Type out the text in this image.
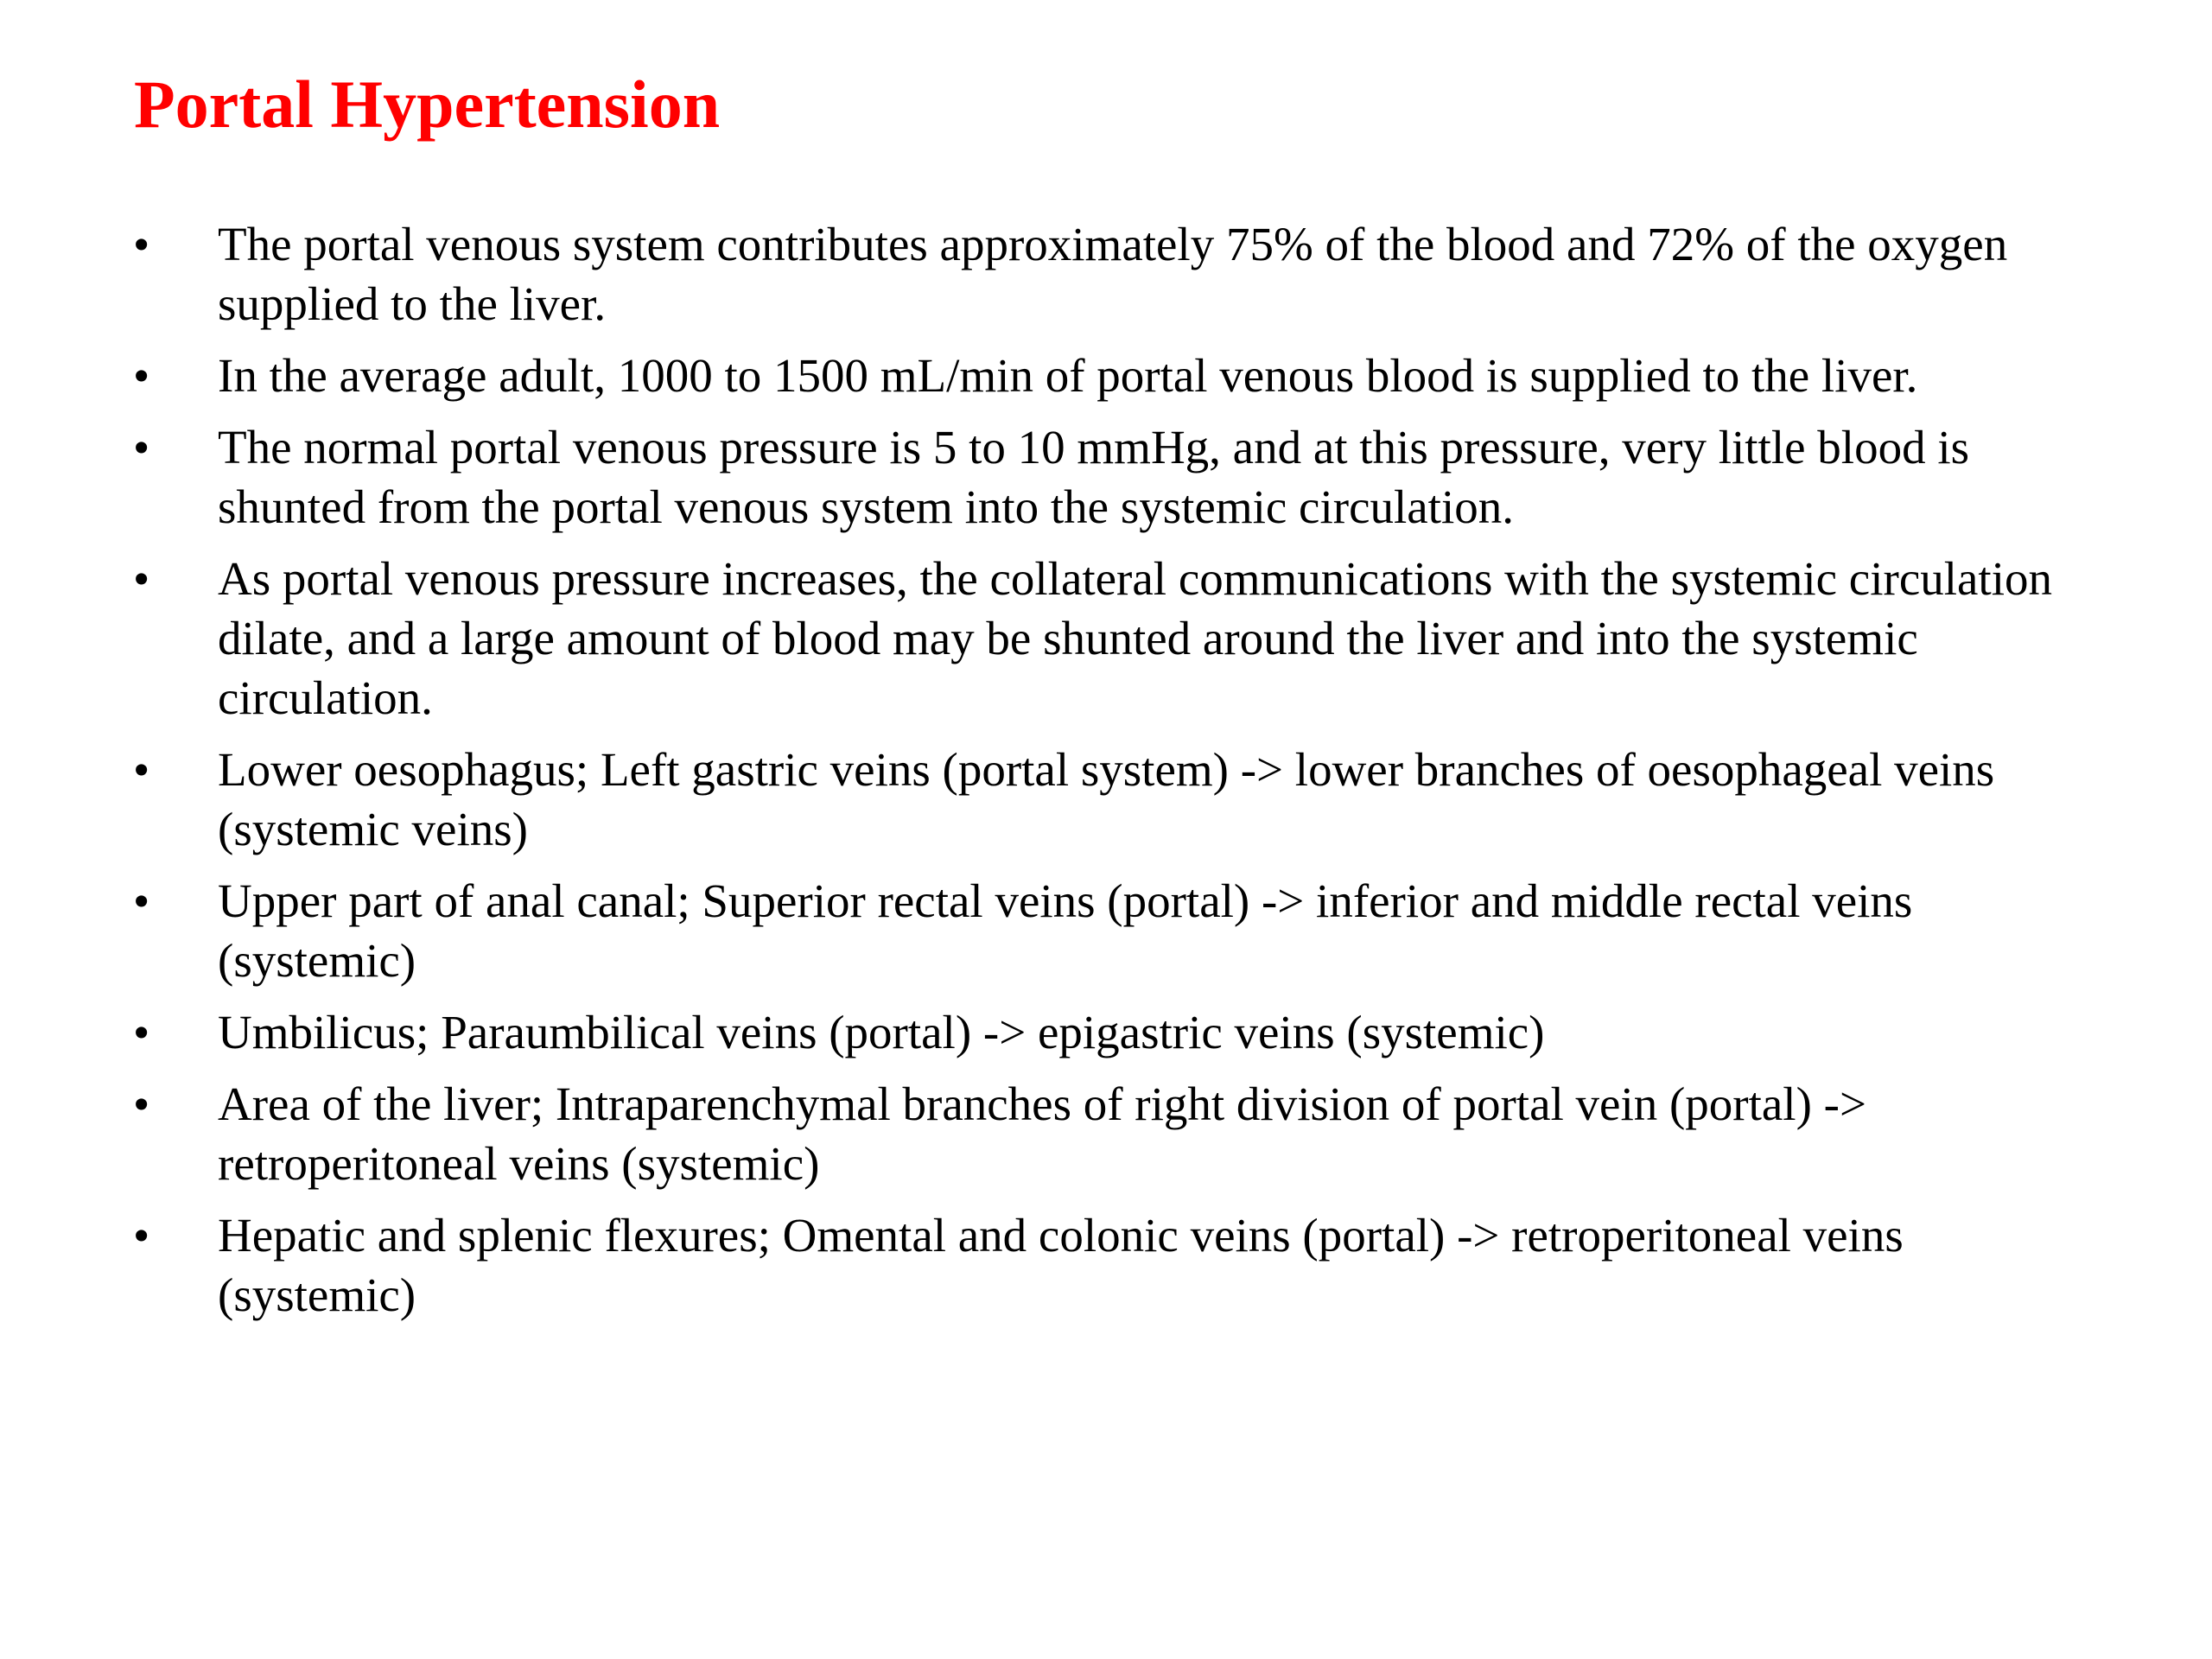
Portal Hypertension
•	The portal venous system contributes approximately 75% of the blood and 72% of the oxygen supplied to the liver.
•	In the average adult, 1000 to 1500 mL/min of portal venous blood is supplied to the liver.
•	The normal portal venous pressure is 5 to 10 mmHg, and at this pressure, very little blood is shunted from the portal venous system into the systemic circulation.
•	As portal venous pressure increases, the collateral communications with the systemic circulation dilate, and a large amount of blood may be shunted around the liver and into the systemic circulation.
•	Lower oesophagus; Left gastric veins (portal system) -> lower branches of oesophageal veins (systemic veins)
•	Upper part of anal canal; Superior rectal veins (portal) -> inferior and middle rectal veins (systemic)
•	Umbilicus; Paraumbilical veins (portal) -> epigastric veins (systemic)
•	Area of the liver; Intraparenchymal branches of right division of portal vein (portal) -> retroperitoneal veins (systemic)
•	Hepatic and splenic flexures; Omental and colonic veins (portal) -> retroperitoneal veins (systemic)
